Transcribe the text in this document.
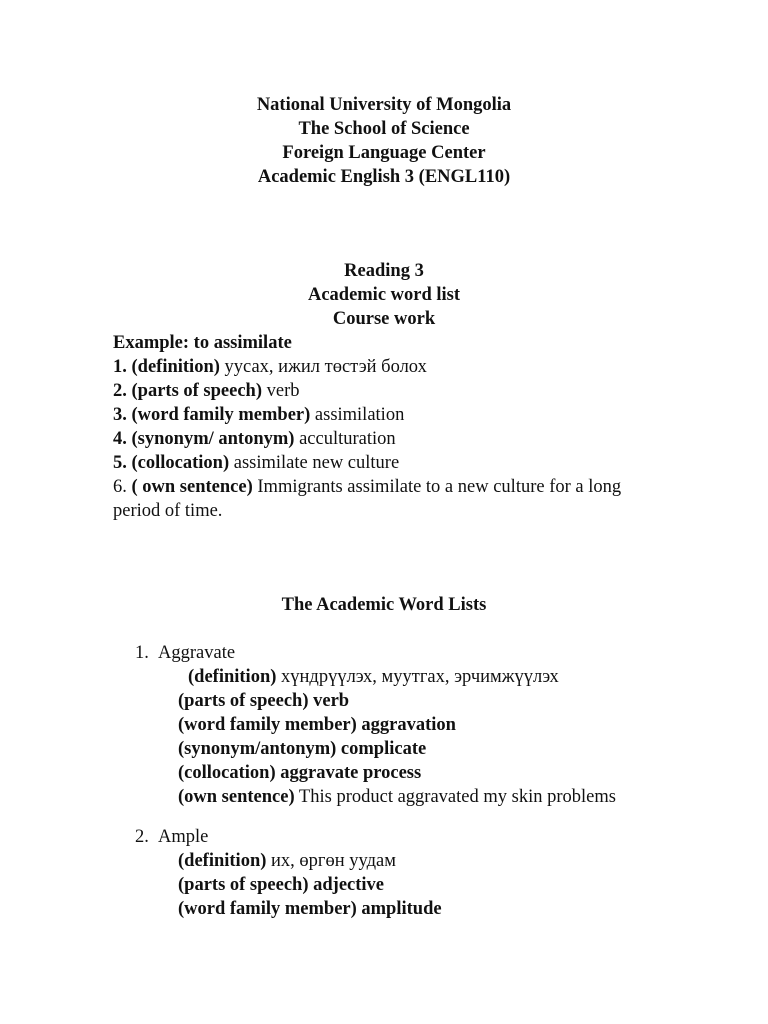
National University of Mongolia
The School of Science
Foreign Language Center
Academic English 3 (ENGL110)
Reading 3
Academic word list
Course work
Example: to assimilate
1. (definition) уусах, ижил төстэй болох
2. (parts of speech) verb
3. (word family member) assimilation
4. (synonym/ antonym) acculturation
5. (collocation) assimilate new culture
6. ( own sentence) Immigrants assimilate to a new culture for a long period of time.
The Academic Word Lists
1. Aggravate
(definition) хүндрүүлэх, муутгах, эрчимжүүлэх
(parts of speech) verb
(word family member) aggravation
(synonym/antonym) complicate
(collocation) aggravate process
(own sentence) This product aggravated my skin problems
2. Ample
(definition) их, өргөн уудам
(parts of speech) adjective
(word family member) amplitude
